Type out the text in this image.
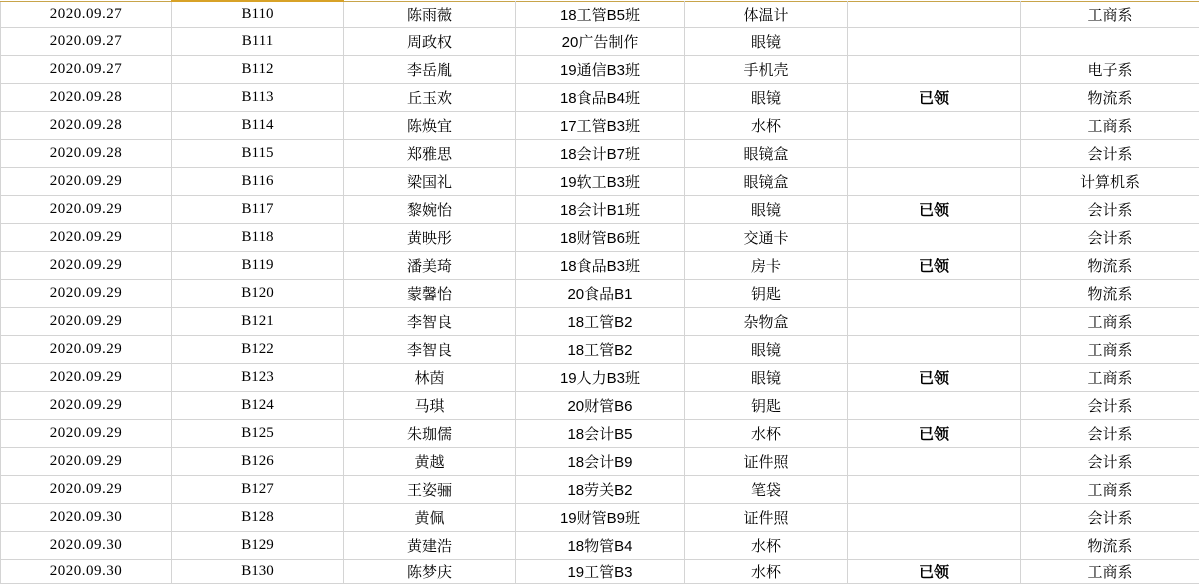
2020.09.27	B110	陈雨薇	18工管B5班	体温计		工商系
2020.09.27	B111	周政权	20广告制作	眼镜		
2020.09.27	B112	李岳胤	19通信B3班	手机壳		电子系
2020.09.28	B113	丘玉欢	18食品B4班	眼镜	已领	物流系
2020.09.28	B114	陈焕宜	17工管B3班	水杯		工商系
2020.09.28	B115	郑雅思	18会计B7班	眼镜盒		会计系
2020.09.29	B116	梁国礼	19软工B3班	眼镜盒		计算机系
2020.09.29	B117	黎婉怡	18会计B1班	眼镜	已领	会计系
2020.09.29	B118	黄映彤	18财管B6班	交通卡		会计系
2020.09.29	B119	潘美琦	18食品B3班	房卡	已领	物流系
2020.09.29	B120	蒙馨怡	20食品B1	钥匙		物流系
2020.09.29	B121	李智良	18工管B2	杂物盒		工商系
2020.09.29	B122	李智良	18工管B2	眼镜		工商系
2020.09.29	B123	林茵	19人力B3班	眼镜	已领	工商系
2020.09.29	B124	马琪	20财管B6	钥匙		会计系
2020.09.29	B125	朱珈儒	18会计B5	水杯	已领	会计系
2020.09.29	B126	黄越	18会计B9	证件照		会计系
2020.09.29	B127	王姿骊	18劳关B2	笔袋		工商系
2020.09.30	B128	黄佩	19财管B9班	证件照		会计系
2020.09.30	B129	黄建浩	18物管B4	水杯		物流系
2020.09.30	B130	陈梦庆	19工管B3	水杯	已领	工商系
